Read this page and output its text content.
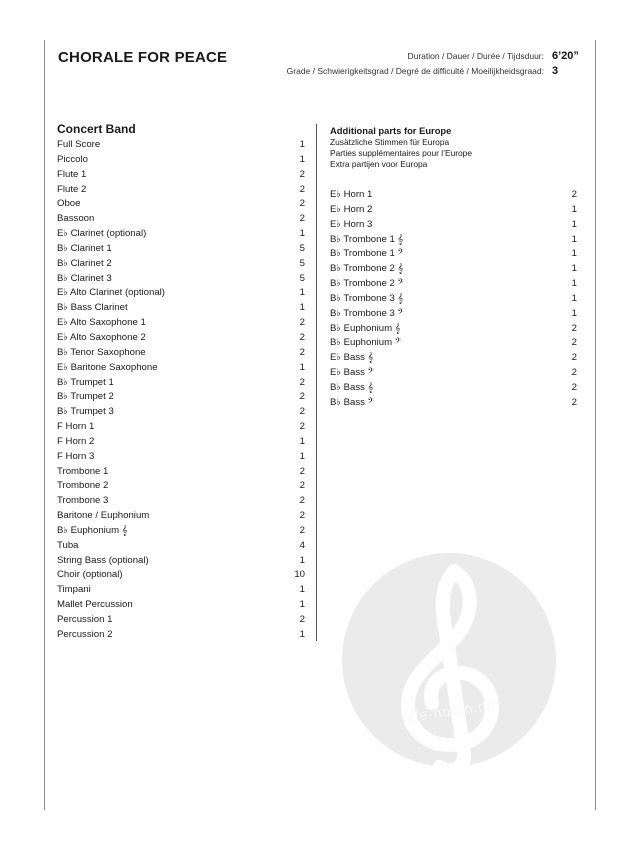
CHORALE FOR PEACE	Duration / Dauer / Durée / Tijdsduur: 6’20”
Grade / Schwierigkeitsgrad / Degré de difficulté / Moeilijkheidsgraad: 3
Concert Band
Full Score	1
Piccolo	1
Flute 1	2
Flute 2	2
Oboe	2
Bassoon	2
E♭ Clarinet (optional)	1
B♭ Clarinet 1	5
B♭ Clarinet 2	5
B♭ Clarinet 3	5
E♭ Alto Clarinet (optional)	1
B♭ Bass Clarinet	1
E♭ Alto Saxophone 1	2
E♭ Alto Saxophone 2	2
B♭ Tenor Saxophone	2
E♭ Baritone Saxophone	1
B♭ Trumpet 1	2
B♭ Trumpet 2	2
B♭ Trumpet 3	2
F Horn 1	2
F Horn 2	1
F Horn 3	1
Trombone 1	2
Trombone 2	2
Trombone 3	2
Baritone / Euphonium	2
B♭ Euphonium 𝄞	2
Tuba	4
String Bass (optional)	1
Choir (optional)	10
Timpani	1
Mallet Percussion	1
Percussion 1	2
Percussion 2	1
Additional parts for Europe
Zusätzliche Stimmen für Europa
Parties supplémentaires pour l’Europe
Extra partijen voor Europa
E♭ Horn 1	2
E♭ Horn 2	1
E♭ Horn 3	1
B♭ Trombone 1 𝄞	1
B♭ Trombone 1 𝄢	1
B♭ Trombone 2 𝄞	1
B♭ Trombone 2 𝄢	1
B♭ Trombone 3 𝄞	1
B♭ Trombone 3 𝄢	1
B♭ Euphonium 𝄞	2
B♭ Euphonium 𝄢	2
E♭ Bass 𝄞	2
E♭ Bass 𝄢	2
B♭ Bass 𝄞	2
B♭ Bass 𝄢	2
alle-noten.de
